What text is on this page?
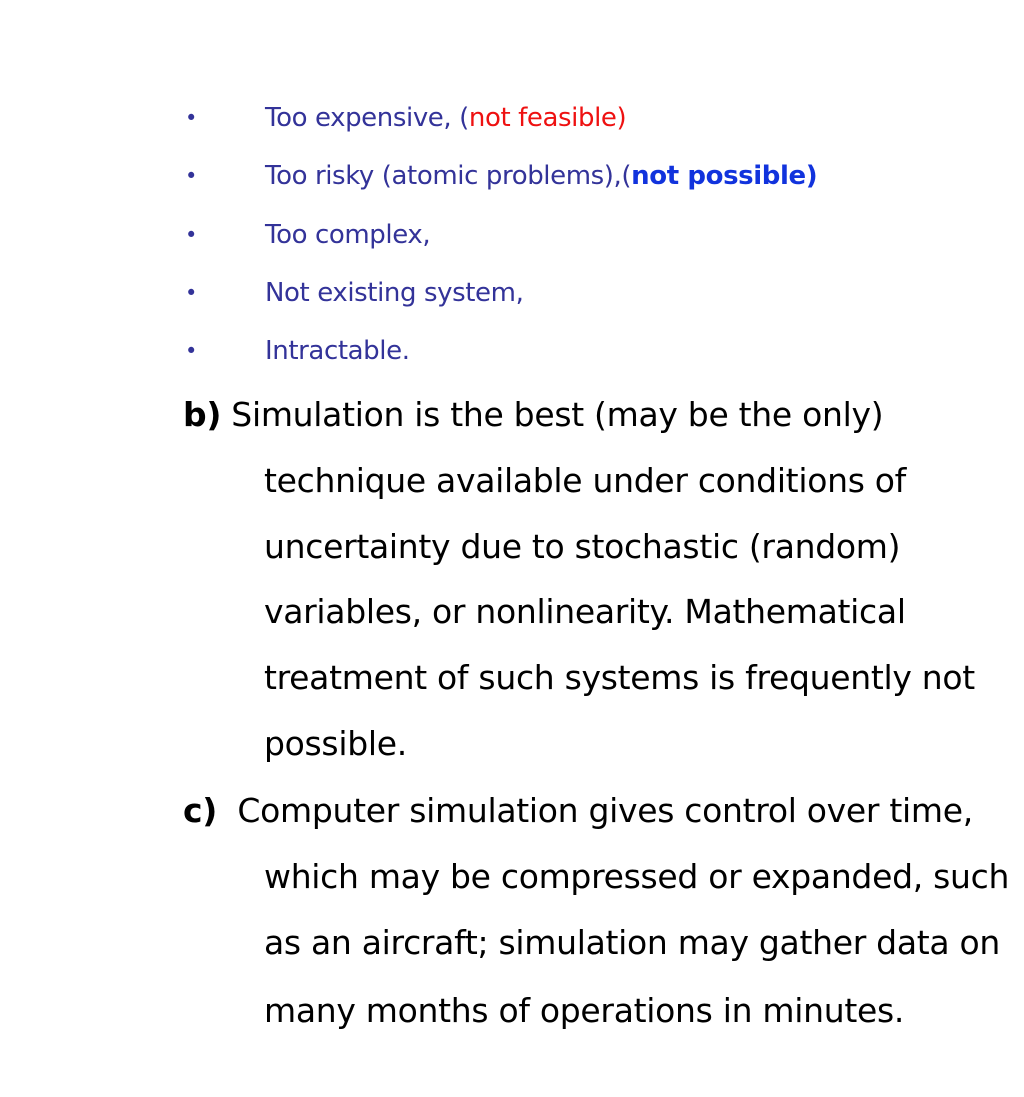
•	Too expensive, (not feasible)
•	Too risky (atomic problems),(not possible)
•	Too complex,
•	Not existing system,
•	Intractable.
b) Simulation is the best (may be the only)
technique available under conditions of
uncertainty due to stochastic (random)
variables, or nonlinearity. Mathematical
treatment of such systems is frequently not
possible.
c)  Computer simulation gives control over time,
which may be compressed or expanded, such
as an aircraft; simulation may gather data on
many months of operations in minutes.
